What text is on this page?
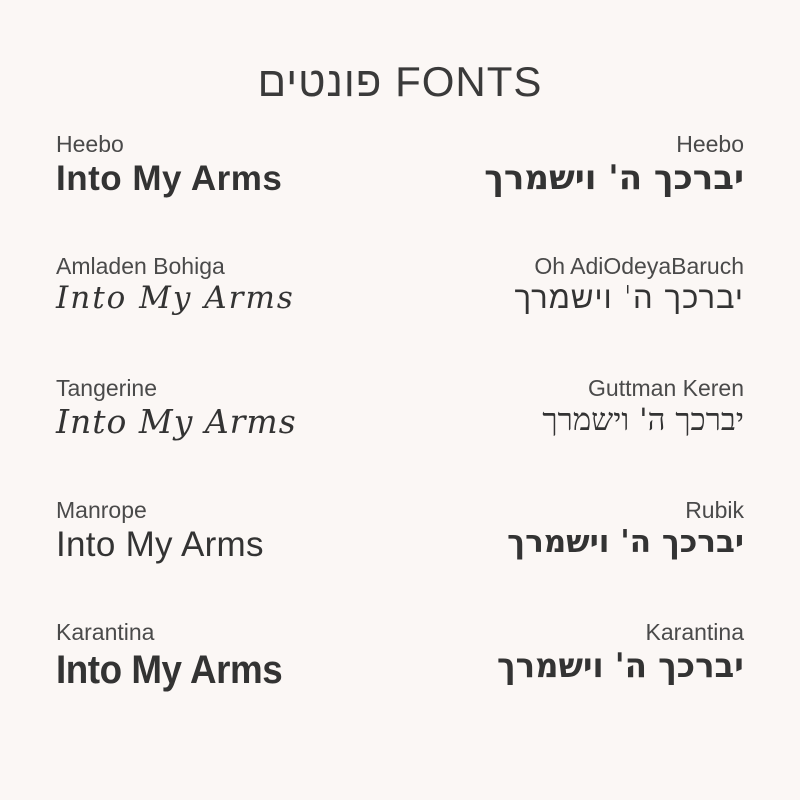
פונטים FONTS
Heebo
Into My Arms
Heebo
יברכך ה' וישמרך
Amladen Bohiga
Into My Arms
Oh AdiOdeyaBaruch
יברכך ה' וישמרך
Tangerine
Into My Arms
Guttman Keren
יברכך ה' וישמרך
Manrope
Into My Arms
Rubik
יברכך ה' וישמרך
Karantina
Into My Arms
Karantina
יברכך ה' וישמרך
